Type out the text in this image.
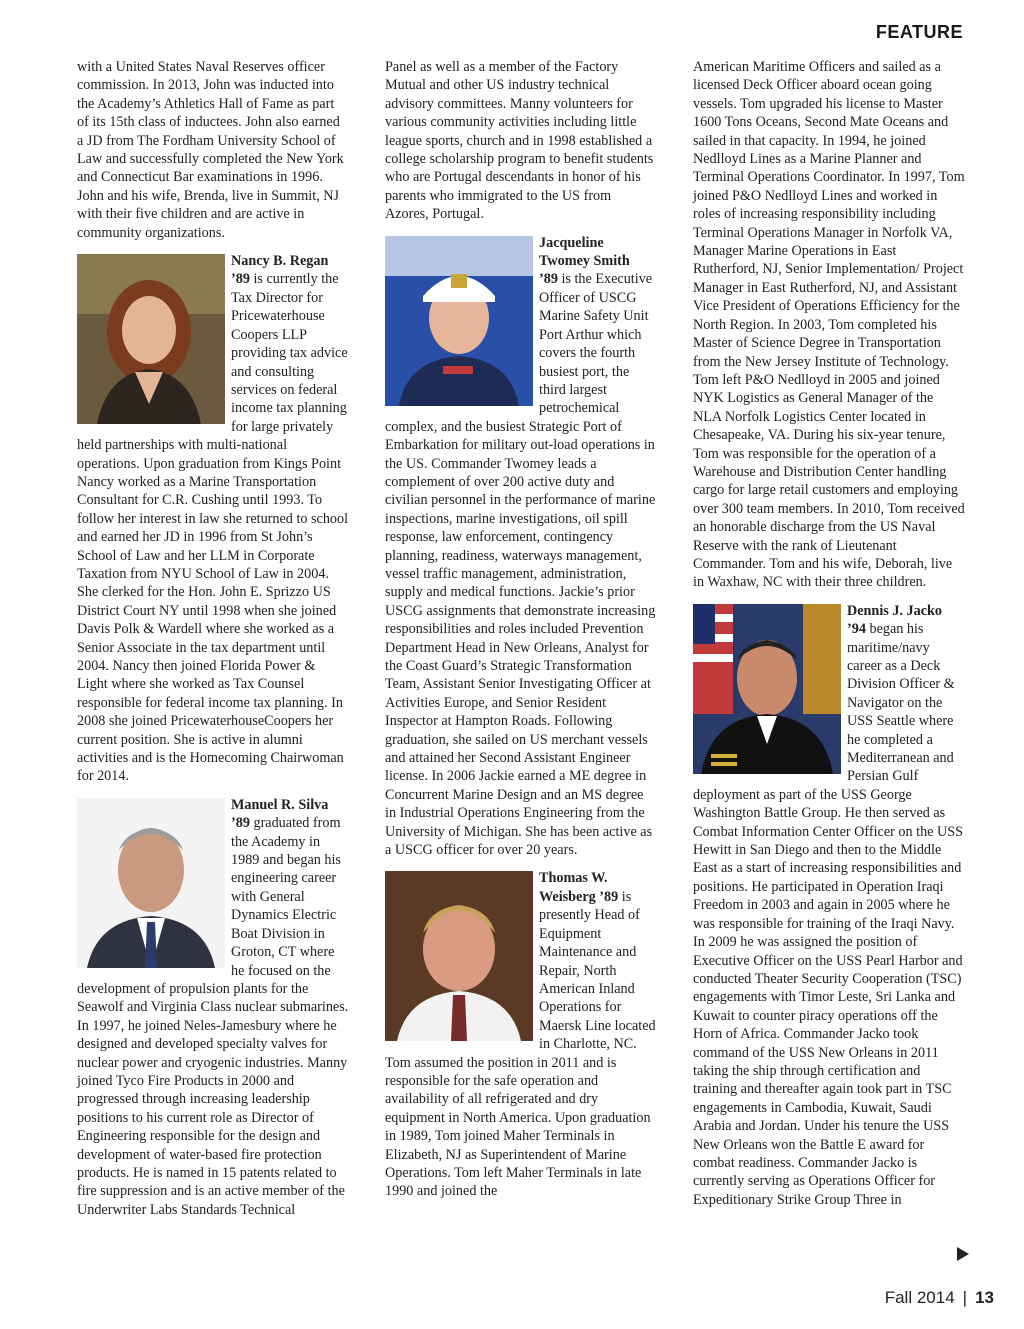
FEATURE

with a United States Naval Reserves officer commission. In 2013, John was inducted into the Academy’s Athletics Hall of Fame as part of its 15th class of inductees. John also earned a JD from The Fordham University School of Law and successfully completed the New York and Connecticut Bar examinations in 1996. John and his wife, Brenda, live in Summit, NJ with their five children and are active in community organizations.

Nancy B. Regan
’89 is currently the Tax Director for Pricewaterhouse Coopers LLP providing tax advice and consulting services on federal income tax planning for large privately held partnerships with multi-national operations. Upon graduation from Kings Point Nancy worked as a Marine Transportation Consultant for C.R. Cushing until 1993. To follow her interest in law she returned to school and earned her JD in 1996 from St John’s School of Law and her LLM in Corporate Taxation from NYU School of Law in 2004. She clerked for the Hon. John E. Sprizzo US District Court NY until 1998 when she joined Davis Polk & Wardell where she worked as a Senior Associate in the tax department until 2004. Nancy then joined Florida Power & Light where she worked as Tax Counsel responsible for federal income tax planning. In 2008 she joined PricewaterhouseCoopers her current position. She is active in alumni activities and is the Homecoming Chairwoman for 2014.

Manuel R. Silva
’89 graduated from the Academy in 1989 and began his engineering career with General Dynamics Electric Boat Division in Groton, CT where he focused on the development of propulsion plants for the Seawolf and Virginia Class nuclear submarines. In 1997, he joined Neles-Jamesbury where he designed and developed specialty valves for nuclear power and cryogenic industries. Manny joined Tyco Fire Products in 2000 and progressed through increasing leadership positions to his current role as Director of Engineering responsible for the design and development of water-based fire protection products. He is named in 15 patents related to fire suppression and is an active member of the Underwriter Labs Standards Technical

Panel as well as a member of the Factory Mutual and other US industry technical advisory committees. Manny volunteers for various community activities including little league sports, church and in 1998 established a college scholarship program to benefit students who are Portugal descendants in honor of his parents who immigrated to the US from Azores, Portugal.

Jacqueline Twomey Smith
’89 is the Executive Officer of USCG Marine Safety Unit Port Arthur which covers the fourth busiest port, the third largest petrochemical complex, and the busiest Strategic Port of Embarkation for military out-load operations in the US. Commander Twomey leads a complement of over 200 active duty and civilian personnel in the performance of marine inspections, marine investigations, oil spill response, law enforcement, contingency planning, readiness, waterways management, vessel traffic management, administration, supply and medical functions. Jackie’s prior USCG assignments that demonstrate increasing responsibilities and roles included Prevention Department Head in New Orleans, Analyst for the Coast Guard’s Strategic Transformation Team, Assistant Senior Investigating Officer at Activities Europe, and Senior Resident Inspector at Hampton Roads. Following graduation, she sailed on US merchant vessels and attained her Second Assistant Engineer license. In 2006 Jackie earned a ME degree in Concurrent Marine Design and an MS degree in Industrial Operations Engineering from the University of Michigan. She has been active as a USCG officer for over 20 years.

Thomas W. Weisberg ’89 is presently Head of Equipment Maintenance and Repair, North American Inland Operations for Maersk Line located in Charlotte, NC. Tom assumed the position in 2011 and is responsible for the safe operation and availability of all refrigerated and dry equipment in North America. Upon graduation in 1989, Tom joined Maher Terminals in Elizabeth, NJ as Superintendent of Marine Operations. Tom left Maher Terminals in late 1990 and joined the

American Maritime Officers and sailed as a licensed Deck Officer aboard ocean going vessels. Tom upgraded his license to Master 1600 Tons Oceans, Second Mate Oceans and sailed in that capacity. In 1994, he joined Nedlloyd Lines as a Marine Planner and Terminal Operations Coordinator. In 1997, Tom joined P&O Nedlloyd Lines and worked in roles of increasing responsibility including Terminal Operations Manager in Norfolk VA, Manager Marine Operations in East Rutherford, NJ, Senior Implementation/ Project Manager in East Rutherford, NJ, and Assistant Vice President of Operations Efficiency for the North Region. In 2003, Tom completed his Master of Science Degree in Transportation from the New Jersey Institute of Technology. Tom left P&O Nedlloyd in 2005 and joined NYK Logistics as General Manager of the NLA Norfolk Logistics Center located in Chesapeake, VA. During his six-year tenure, Tom was responsible for the operation of a Warehouse and Distribution Center handling cargo for large retail customers and employing over 300 team members. In 2010, Tom received an honorable discharge from the US Naval Reserve with the rank of Lieutenant Commander. Tom and his wife, Deborah, live in Waxhaw, NC with their three children.

Dennis J. Jacko
’94 began his maritime/navy career as a Deck Division Officer & Navigator on the USS Seattle where he completed a Mediterranean and Persian Gulf deployment as part of the USS George Washington Battle Group. He then served as Combat Information Center Officer on the USS Hewitt in San Diego and then to the Middle East as a start of increasing responsibilities and positions. He participated in Operation Iraqi Freedom in 2003 and again in 2005 where he was responsible for training of the Iraqi Navy. In 2009 he was assigned the position of Executive Officer on the USS Pearl Harbor and conducted Theater Security Cooperation (TSC) engagements with Timor Leste, Sri Lanka and Kuwait to counter piracy operations off the Horn of Africa. Commander Jacko took command of the USS New Orleans in 2011 taking the ship through certification and training and thereafter again took part in TSC engagements in Cambodia, Kuwait, Saudi Arabia and Jordan. Under his tenure the USS New Orleans won the Battle E award for combat readiness. Commander Jacko is currently serving as Operations Officer for Expeditionary Strike Group Three in

Fall 2014 | 13
